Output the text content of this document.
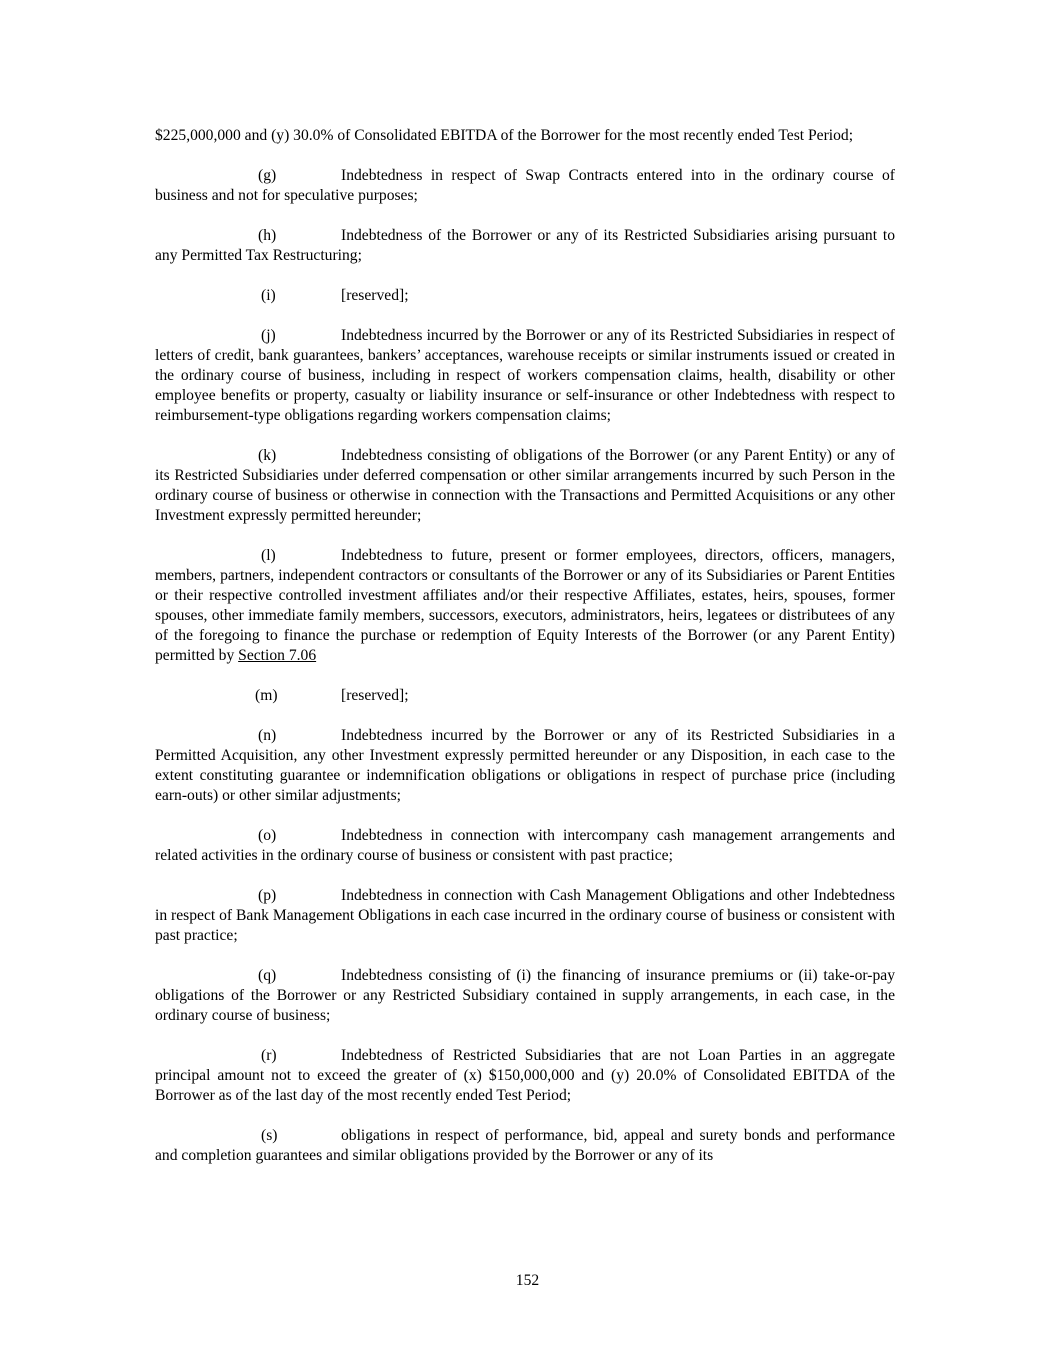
$225,000,000 and (y) 30.0% of Consolidated EBITDA of the Borrower for the most recently ended Test Period;

(g)	Indebtedness in respect of Swap Contracts entered into in the ordinary course of business and not for speculative purposes;

(h)	Indebtedness of the Borrower or any of its Restricted Subsidiaries arising pursuant to any Permitted Tax Restructuring;

(i)	[reserved];

(j)	Indebtedness incurred by the Borrower or any of its Restricted Subsidiaries in respect of letters of credit, bank guarantees, bankers’ acceptances, warehouse receipts or similar instruments issued or created in the ordinary course of business, including in respect of workers compensation claims, health, disability or other employee benefits or property, casualty or liability insurance or self-insurance or other Indebtedness with respect to reimbursement-type obligations regarding workers compensation claims;

(k)	Indebtedness consisting of obligations of the Borrower (or any Parent Entity) or any of its Restricted Subsidiaries under deferred compensation or other similar arrangements incurred by such Person in the ordinary course of business or otherwise in connection with the Transactions and Permitted Acquisitions or any other Investment expressly permitted hereunder;

(l)	Indebtedness to future, present or former employees, directors, officers, managers, members, partners, independent contractors or consultants of the Borrower or any of its Subsidiaries or Parent Entities or their respective controlled investment affiliates and/or their respective Affiliates, estates, heirs, spouses, former spouses, other immediate family members, successors, executors, administrators, heirs, legatees or distributees of any of the foregoing to finance the purchase or redemption of Equity Interests of the Borrower (or any Parent Entity) permitted by Section 7.06

(m)	[reserved];

(n)	Indebtedness incurred by the Borrower or any of its Restricted Subsidiaries in a Permitted Acquisition, any other Investment expressly permitted hereunder or any Disposition, in each case to the extent constituting guarantee or indemnification obligations or obligations in respect of purchase price (including earn-outs) or other similar adjustments;

(o)	Indebtedness in connection with intercompany cash management arrangements and related activities in the ordinary course of business or consistent with past practice;

(p)	Indebtedness in connection with Cash Management Obligations and other Indebtedness in respect of Bank Management Obligations in each case incurred in the ordinary course of business or consistent with past practice;

(q)	Indebtedness consisting of (i) the financing of insurance premiums or (ii) take-or-pay obligations of the Borrower or any Restricted Subsidiary contained in supply arrangements, in each case, in the ordinary course of business;

(r)	Indebtedness of Restricted Subsidiaries that are not Loan Parties in an aggregate principal amount not to exceed the greater of (x) $150,000,000 and (y) 20.0% of Consolidated EBITDA of the Borrower as of the last day of the most recently ended Test Period;

(s)	obligations in respect of performance, bid, appeal and surety bonds and performance and completion guarantees and similar obligations provided by the Borrower or any of its

152
